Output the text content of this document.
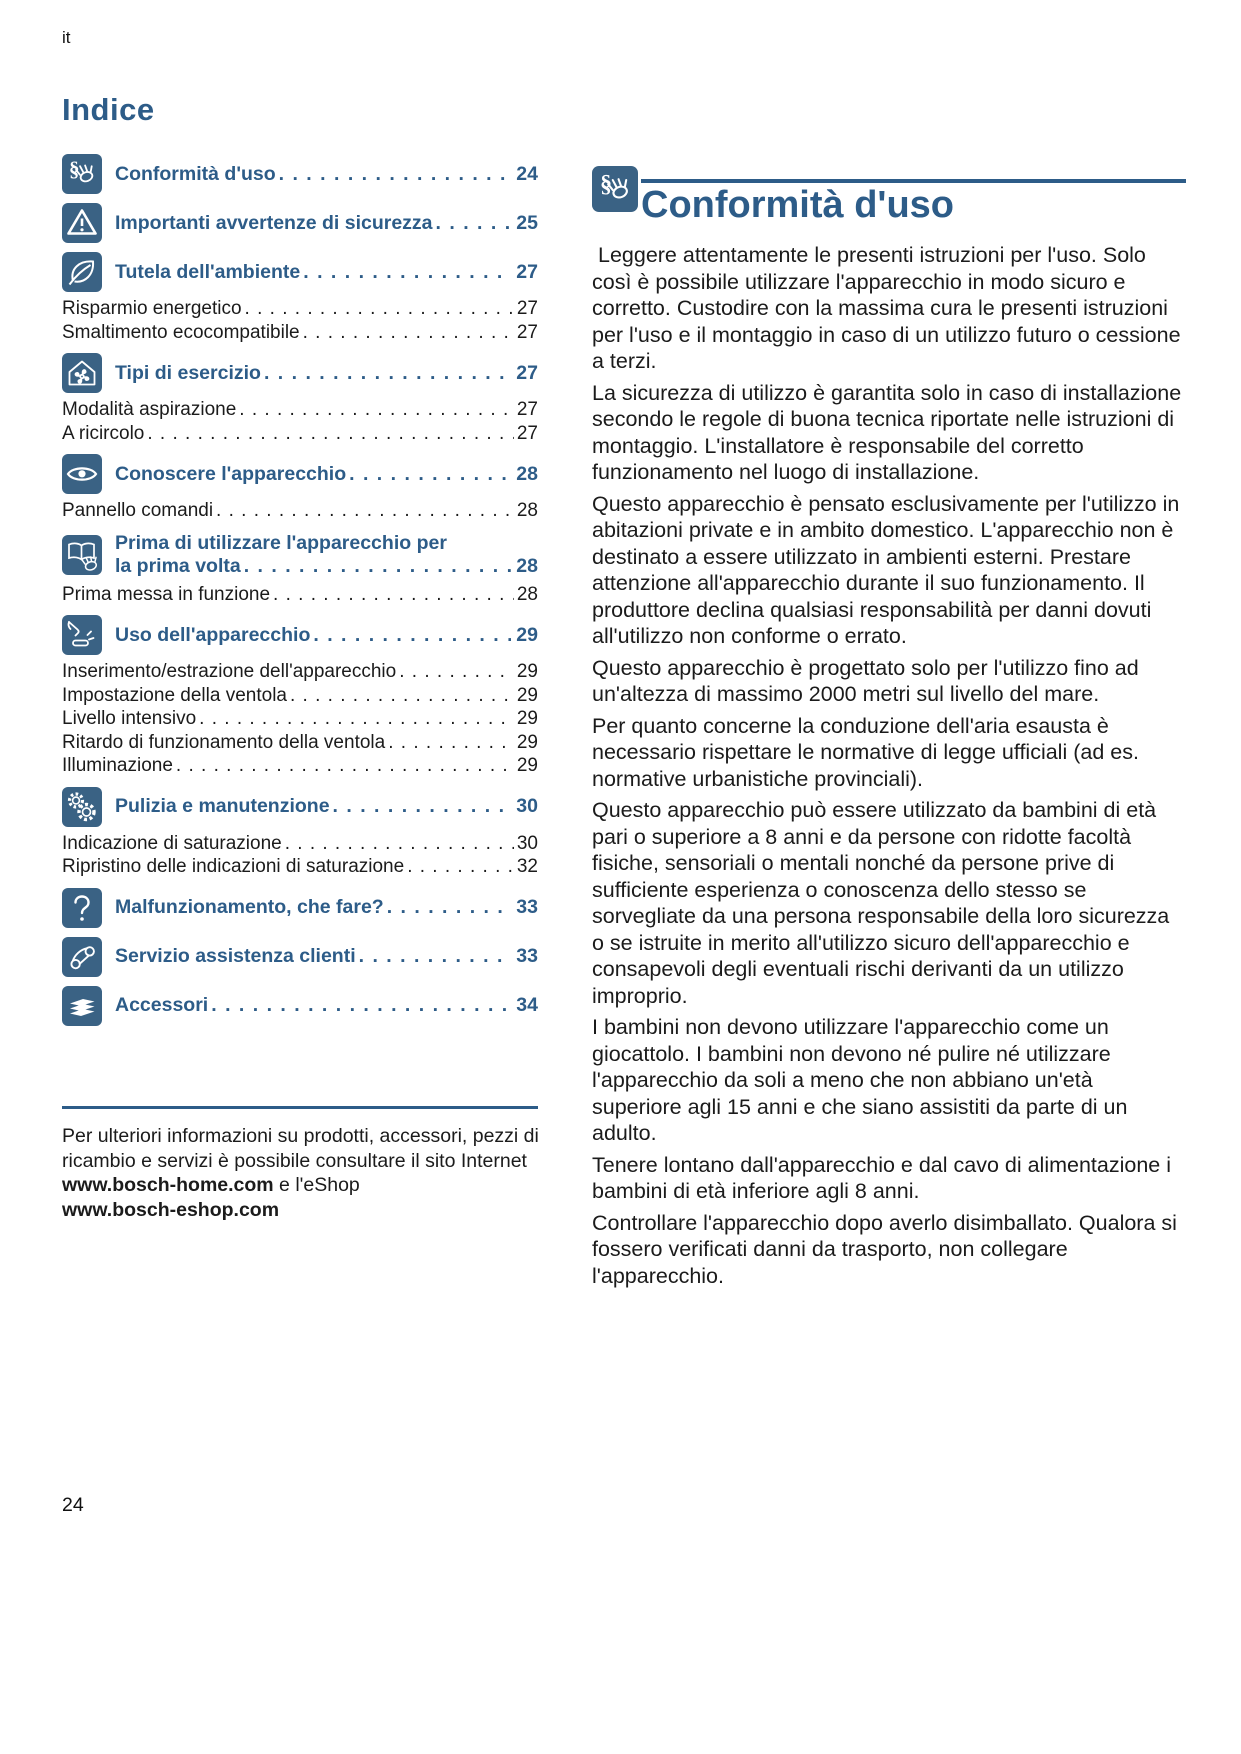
it
Indice
§ Conformità d'uso . . .	24
Importanti avvertenze di sicurezza . . .	25
Tutela dell'ambiente . . .	27
Risparmio energetico . . .	27
Smaltimento ecocompatibile . . .	27
Tipi di esercizio . . .	27
Modalità aspirazione . . .	27
A ricircolo . . .	27
Conoscere l'apparecchio . . .	28
Pannello comandi . . .	28
Prima di utilizzare l'apparecchio per
la prima volta . . .	28
Prima messa in funzione . . .	28
Uso dell'apparecchio . . .	29
Inserimento/estrazione dell'apparecchio . . .	29
Impostazione della ventola . . .	29
Livello intensivo . . .	29
Ritardo di funzionamento della ventola . . .	29
Illuminazione . . .	29
Pulizia e manutenzione . . .	30
Indicazione di saturazione . . .	30
Ripristino delle indicazioni di saturazione . . .	32
Malfunzionamento, che fare? . . .	33
Servizio assistenza clienti . . .	33
Accessori . . .	34
Per ulteriori informazioni su prodotti, accessori, pezzi di ricambio e servizi è possibile consultare il sito Internet www.bosch-home.com e l'eShop
www.bosch-eshop.com
§
Conformità d'uso

Leggere attentamente le presenti istruzioni per l'uso. Solo così è possibile utilizzare l'apparecchio in modo sicuro e corretto. Custodire con la massima cura le presenti istruzioni per l'uso e il montaggio in caso di un utilizzo futuro o cessione a terzi.

La sicurezza di utilizzo è garantita solo in caso di installazione secondo le regole di buona tecnica riportate nelle istruzioni di montaggio. L'installatore è responsabile del corretto funzionamento nel luogo di installazione.

Questo apparecchio è pensato esclusivamente per l'utilizzo in abitazioni private e in ambito domestico. L'apparecchio non è destinato a essere utilizzato in ambienti esterni. Prestare attenzione all'apparecchio durante il suo funzionamento. Il produttore declina qualsiasi responsabilità per danni dovuti all'utilizzo non conforme o errato.

Questo apparecchio è progettato solo per l'utilizzo fino ad un'altezza di massimo 2000 metri sul livello del mare.

Per quanto concerne la conduzione dell'aria esausta è necessario rispettare le normative di legge ufficiali (ad es. normative urbanistiche provinciali).

Questo apparecchio può essere utilizzato da bambini di età pari o superiore a 8 anni e da persone con ridotte facoltà fisiche, sensoriali o mentali nonché da persone prive di sufficiente esperienza o conoscenza dello stesso se sorvegliate da una persona responsabile della loro sicurezza o se istruite in merito all'utilizzo sicuro dell'apparecchio e consapevoli degli eventuali rischi derivanti da un utilizzo improprio.

I bambini non devono utilizzare l'apparecchio come un giocattolo. I bambini non devono né pulire né utilizzare l'apparecchio da soli a meno che non abbiano un'età superiore agli 15 anni e che siano assistiti da parte di un adulto.

Tenere lontano dall'apparecchio e dal cavo di alimentazione i bambini di età inferiore agli 8 anni.

Controllare l'apparecchio dopo averlo disimballato. Qualora si fossero verificati danni da trasporto, non collegare l'apparecchio.

24
